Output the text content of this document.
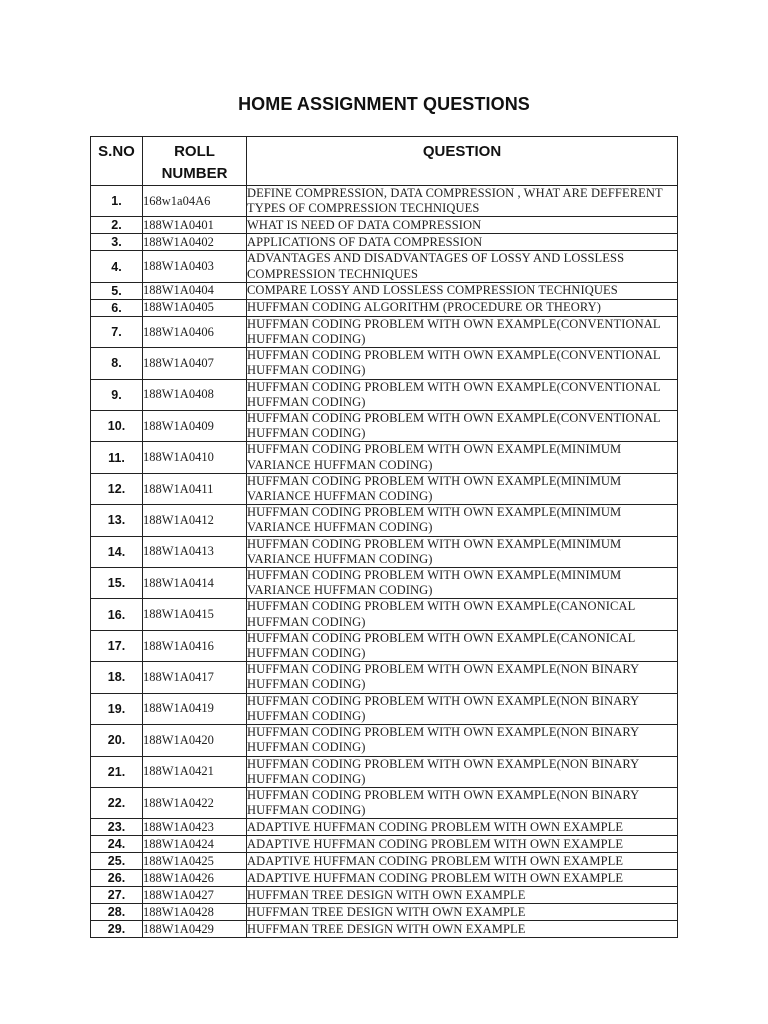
HOME ASSIGNMENT QUESTIONS
S.NO	ROLL NUMBER	QUESTION
1.	168w1a04A6	DEFINE COMPRESSION, DATA COMPRESSION , WHAT ARE DEFFERENT TYPES OF COMPRESSION TECHNIQUES
2.	188W1A0401	WHAT IS NEED OF DATA COMPRESSION
3.	188W1A0402	APPLICATIONS OF DATA COMPRESSION
4.	188W1A0403	ADVANTAGES AND DISADVANTAGES OF LOSSY AND LOSSLESS COMPRESSION TECHNIQUES
5.	188W1A0404	COMPARE LOSSY AND LOSSLESS COMPRESSION TECHNIQUES
6.	188W1A0405	HUFFMAN CODING ALGORITHM (PROCEDURE OR THEORY)
7.	188W1A0406	HUFFMAN CODING PROBLEM WITH OWN EXAMPLE(CONVENTIONAL HUFFMAN CODING)
8.	188W1A0407	HUFFMAN CODING PROBLEM WITH OWN EXAMPLE(CONVENTIONAL HUFFMAN CODING)
9.	188W1A0408	HUFFMAN CODING PROBLEM WITH OWN EXAMPLE(CONVENTIONAL HUFFMAN CODING)
10.	188W1A0409	HUFFMAN CODING PROBLEM WITH OWN EXAMPLE(CONVENTIONAL HUFFMAN CODING)
11.	188W1A0410	HUFFMAN CODING PROBLEM WITH OWN EXAMPLE(MINIMUM VARIANCE HUFFMAN CODING)
12.	188W1A0411	HUFFMAN CODING PROBLEM WITH OWN EXAMPLE(MINIMUM VARIANCE HUFFMAN CODING)
13.	188W1A0412	HUFFMAN CODING PROBLEM WITH OWN EXAMPLE(MINIMUM VARIANCE HUFFMAN CODING)
14.	188W1A0413	HUFFMAN CODING PROBLEM WITH OWN EXAMPLE(MINIMUM VARIANCE HUFFMAN CODING)
15.	188W1A0414	HUFFMAN CODING PROBLEM WITH OWN EXAMPLE(MINIMUM VARIANCE HUFFMAN CODING)
16.	188W1A0415	HUFFMAN CODING PROBLEM WITH OWN EXAMPLE(CANONICAL HUFFMAN CODING)
17.	188W1A0416	HUFFMAN CODING PROBLEM WITH OWN EXAMPLE(CANONICAL HUFFMAN CODING)
18.	188W1A0417	HUFFMAN CODING PROBLEM WITH OWN EXAMPLE(NON BINARY HUFFMAN CODING)
19.	188W1A0419	HUFFMAN CODING PROBLEM WITH OWN EXAMPLE(NON BINARY HUFFMAN CODING)
20.	188W1A0420	HUFFMAN CODING PROBLEM WITH OWN EXAMPLE(NON BINARY HUFFMAN CODING)
21.	188W1A0421	HUFFMAN CODING PROBLEM WITH OWN EXAMPLE(NON BINARY HUFFMAN CODING)
22.	188W1A0422	HUFFMAN CODING PROBLEM WITH OWN EXAMPLE(NON BINARY HUFFMAN CODING)
23.	188W1A0423	ADAPTIVE HUFFMAN CODING PROBLEM WITH OWN EXAMPLE
24.	188W1A0424	ADAPTIVE HUFFMAN CODING PROBLEM WITH OWN EXAMPLE
25.	188W1A0425	ADAPTIVE HUFFMAN CODING PROBLEM WITH OWN EXAMPLE
26.	188W1A0426	ADAPTIVE HUFFMAN CODING PROBLEM WITH OWN EXAMPLE
27.	188W1A0427	HUFFMAN TREE DESIGN WITH OWN EXAMPLE
28.	188W1A0428	HUFFMAN TREE DESIGN WITH OWN EXAMPLE
29.	188W1A0429	HUFFMAN TREE DESIGN WITH OWN EXAMPLE
